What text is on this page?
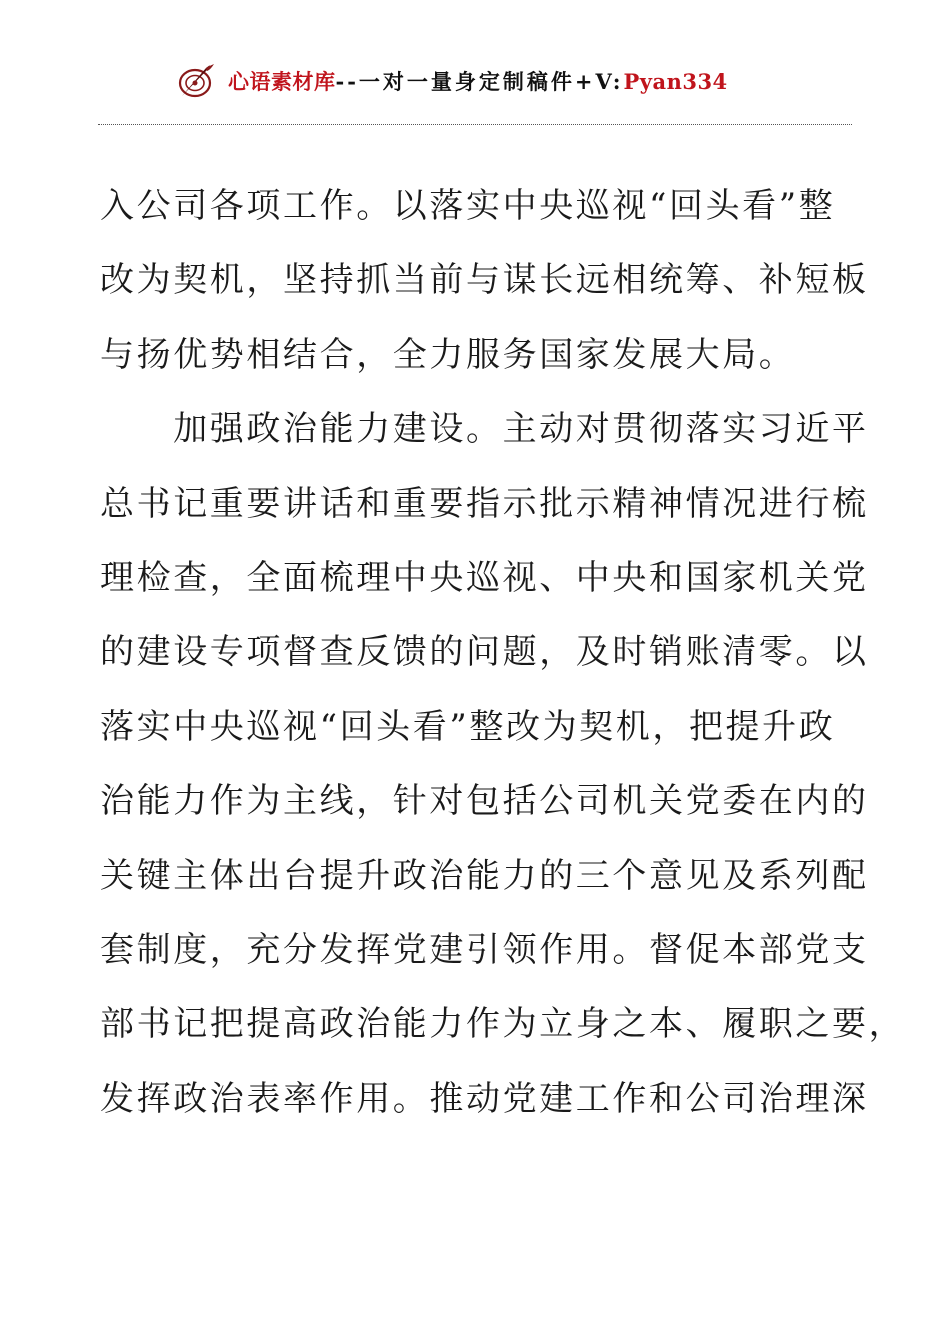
心语素材库--一对一量身定制稿件+V:Pyan334
入公司各项工作。以落实中央巡视“回头看”整
改为契机，坚持抓当前与谋长远相统筹、补短板
与扬优势相结合，全力服务国家发展大局。
　　加强政治能力建设。主动对贯彻落实习近平
总书记重要讲话和重要指示批示精神情况进行梳
理检查，全面梳理中央巡视、中央和国家机关党
的建设专项督查反馈的问题，及时销账清零。以
落实中央巡视“回头看”整改为契机，把提升政
治能力作为主线，针对包括公司机关党委在内的
关键主体出台提升政治能力的三个意见及系列配
套制度，充分发挥党建引领作用。督促本部党支
部书记把提高政治能力作为立身之本、履职之要，
发挥政治表率作用。推动党建工作和公司治理深
